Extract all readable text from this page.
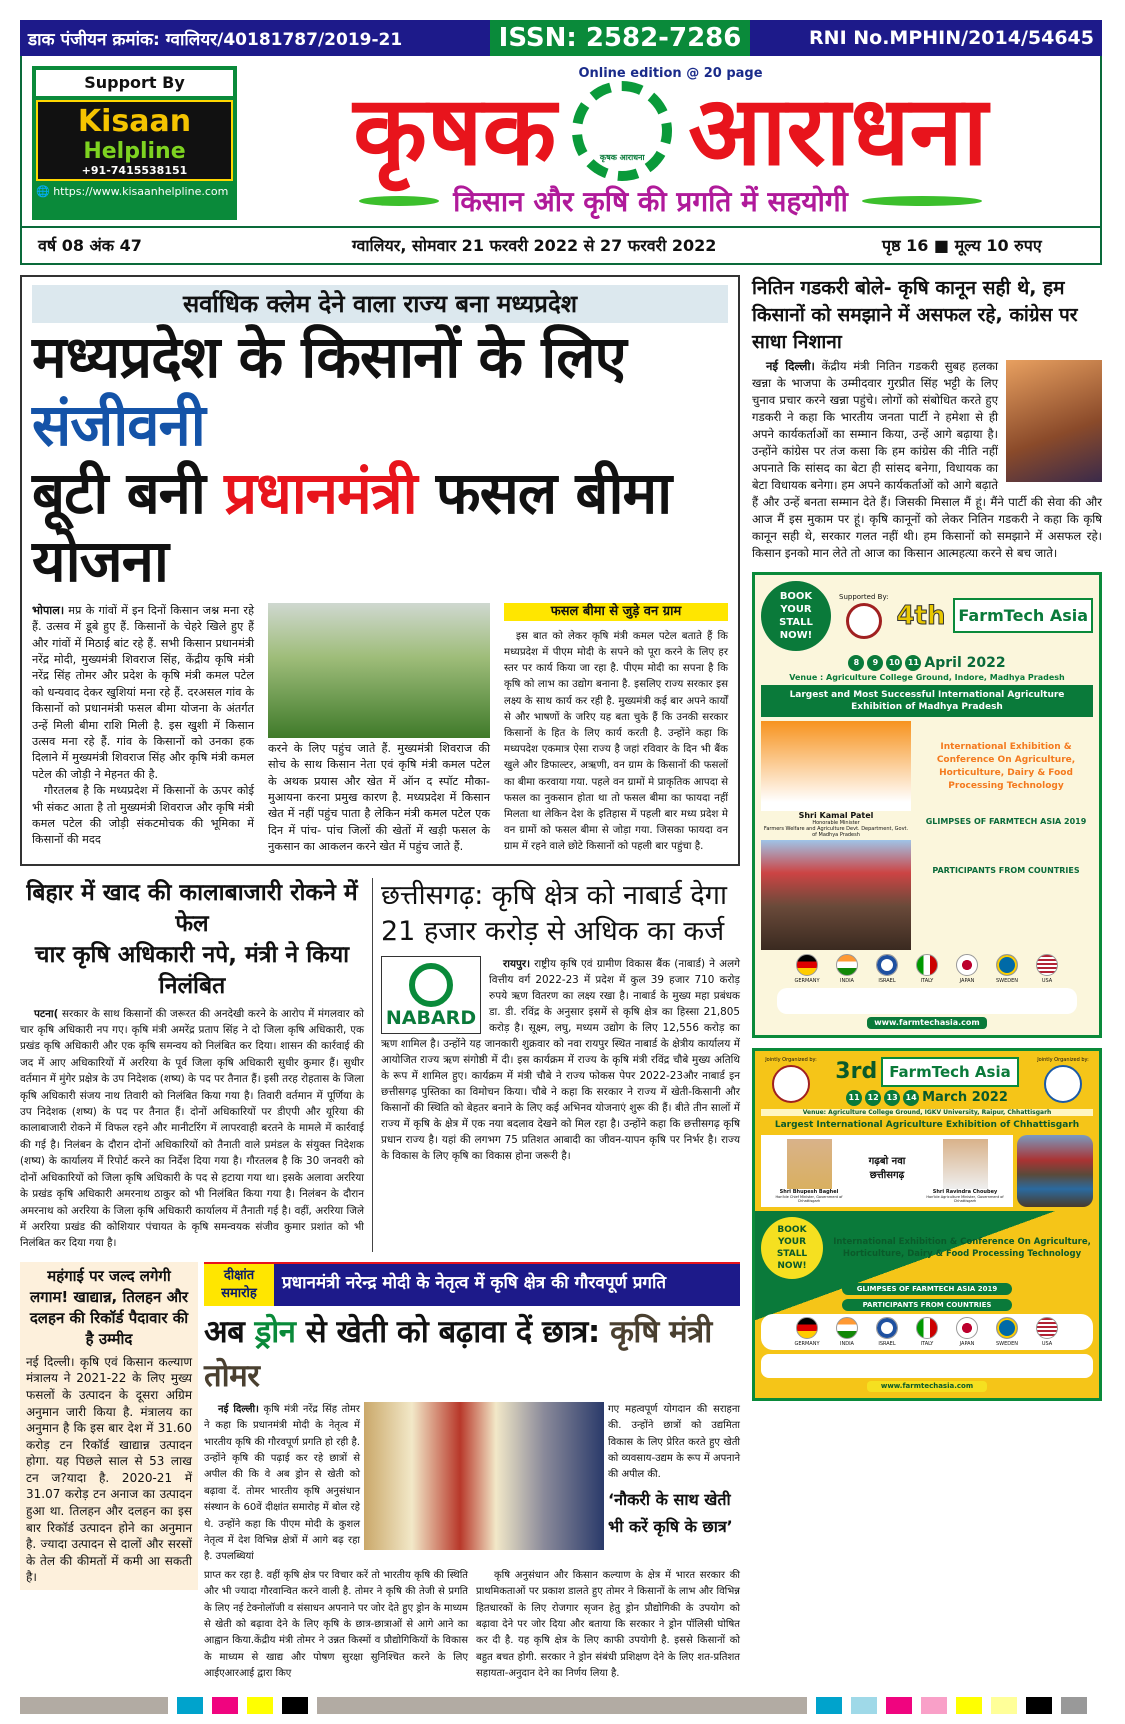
डाक पंजीयन क्रमांक: ग्वालियर/40181787/2019-21	ISSN: 2582-7286	RNI No.MPHIN/2014/54645
Support By
Kisaan
Helpline
+91-7415538151
🌐 https://www.kisaanhelpline.com
Online edition @ 20 page
कृषक	कृषक आराधना आराधना
किसान और कृषि की प्रगति में सहयोगी
वर्ष 08 अंक 47	ग्वालियर, सोमवार 21 फरवरी 2022 से 27 फरवरी 2022	पृष्ठ 16 ■ मूल्य 10 रुपए
सर्वाधिक क्लेम देने वाला राज्य बना मध्यप्रदेश
मध्यप्रदेश के किसानों के लिए संजीवनी
बूटी बनी प्रधानमंत्री फसल बीमा योजना
भोपाल। मप्र के गांवों में इन दिनों किसान जश्न मना रहे हैं. उत्सव में डूबे हुए हैं. किसानों के चेहरे खिले हुए हैं और गांवों में मिठाई बांट रहे हैं. सभी किसान प्रधानमंत्री नरेंद्र मोदी, मुख्यमंत्री शिवराज सिंह, केंद्रीय कृषि मंत्री नरेंद्र सिंह तोमर और प्रदेश के कृषि मंत्री कमल पटेल को धन्यवाद देकर खुशियां मना रहे हैं. दरअसल गांव के किसानों को प्रधानमंत्री फसल बीमा योजना के अंतर्गत उन्हें मिली बीमा राशि मिली है. इस खुशी में किसान उत्सव मना रहे हैं. गांव के किसानों को उनका हक दिलाने में मुख्यमंत्री शिवराज सिंह और कृषि मंत्री कमल पटेल की जोड़ी ने मेहनत की है.
गौरतलब है कि मध्यप्रदेश में किसानों के ऊपर कोई भी संकट आता है तो मुख्यमंत्री शिवराज और कृषि मंत्री कमल पटेल की जोड़ी संकटमोचक की भूमिका में किसानों की मदद
करने के लिए पहुंच जाते हैं. मुख्यमंत्री शिवराज की सोच के साथ किसान नेता एवं कृषि मंत्री कमल पटेल के अथक प्रयास और खेत में ऑन द स्पॉट मौका- मुआयना करना प्रमुख कारण है. मध्यप्रदेश में किसान खेत में नहीं पहुंच पाता है लेकिन मंत्री कमल पटेल एक दिन में पांच- पांच जिलों की खेतों में खड़ी फसल के नुकसान का आकलन करने खेत में पहुंच जाते हैं.
फसल बीमा से जुड़े वन ग्राम
इस बात को लेकर कृषि मंत्री कमल पटेल बताते हैं कि मध्यप्रदेश में पीएम मोदी के सपने को पूरा करने के लिए हर स्तर पर कार्य किया जा रहा है. पीएम मोदी का सपना है कि कृषि को लाभ का उद्योग बनाना है. इसलिए राज्य सरकार इस लक्ष्य के साथ कार्य कर रही है. मुख्यमंत्री कई बार अपने कार्यों से और भाषणों के जरिए यह बता चुके हैं कि उनकी सरकार किसानों के हित के लिए कार्य करती है. उन्होंने कहा कि मध्यपदेश एकमात्र ऐसा राज्य है जहां रविवार के दिन भी बैंक खुले और डिफाल्टर, अऋणी, वन ग्राम के किसानों की फसलों का बीमा करवाया गया. पहले वन ग्रामों मे प्राकृतिक आपदा से फसल का नुकसान होता था तो फसल बीमा का फायदा नहीं मिलता था लेकिन देश के इतिहास में पहली बार मध्य प्रदेश मे वन ग्रामों को फसल बीमा से जोड़ा गया. जिसका फायदा वन ग्राम में रहने वाले छोटे किसानों को पहली बार पहुंचा है.
बिहार में खाद की कालाबाजारी रोकने में फेल
चार कृषि अधिकारी नपे, मंत्री ने किया निलंबित
पटना( सरकार के साथ किसानों की जरूरत की अनदेखी करने के आरोप में मंगलवार को चार कृषि अधिकारी नप गए। कृषि मंत्री अमरेंद्र प्रताप सिंह ने दो जिला कृषि अधिकारी, एक प्रखंड कृषि अधिकारी और एक कृषि समन्वय को निलंबित कर दिया। शासन की कार्रवाई की जद में आए अधिकारियों में अररिया के पूर्व जिला कृषि अधिकारी सुधीर कुमार हैं। सुधीर वर्तमान में मुंगेर प्रक्षेत्र के उप निदेशक (शष्य) के पद पर तैनात हैं। इसी तरह रोहतास के जिला कृषि अधिकारी संजय नाथ तिवारी को निलंबित किया गया है। तिवारी वर्तमान में पूर्णिया के उप निदेशक (शष्य) के पद पर तैनात हैं। दोनों अधिकारियों पर डीएपी और यूरिया की कालाबाजारी रोकने में विफल रहने और मानीटरिंग में लापरवाही बरतने के मामले में कार्रवाई की गई है। निलंबन के दौरान दोनों अधिकारियों को तैनाती वाले प्रमंडल के संयुक्त निदेशक (शष्य) के कार्यालय में रिपोर्ट करने का निर्देश दिया गया है। गौरतलब है कि 30 जनवरी को दोनों अधिकारियों को जिला कृषि अधिकारी के पद से हटाया गया था। इसके अलावा अररिया के प्रखंड कृषि अधिकारी अमरनाथ ठाकुर को भी निलंबित किया गया है। निलंबन के दौरान अमरनाथ को अररिया के जिला कृषि अधिकारी कार्यालय में तैनाती गई है। वहीं, अररिया जिले में अररिया प्रखंड की कोशियार पंचायत के कृषि समन्वयक संजीव कुमार प्रशांत को भी निलंबित कर दिया गया है।
छत्तीसगढ़: कृषि क्षेत्र को नाबार्ड देगा
21 हजार करोड़ से अधिक का कर्ज
NABARD
रायपुर। राष्ट्रीय कृषि एवं ग्रामीण विकास बैंक (नाबार्ड) ने अलगे वित्तीय वर्ग 2022-23 में प्रदेश में कुल 39 हजार 710 करोड़ रुपये ऋण वितरण का लक्ष्य रखा है। नाबार्ड के मुख्य महा प्रबंधक डा. डी. रविंद्र के अनुसार इसमें से कृषि क्षेत्र का हिस्सा 21,805 करोड़ है। सूक्ष्म, लघु, मध्यम उद्योग के लिए 12,556 करोड़ का ऋण शामिल है। उन्होंने यह जानकारी शुक्रवार को नवा रायपुर स्थित नाबार्ड के क्षेत्रीय कार्यालय में आयोजित राज्य ऋण संगोष्ठी में दी। इस कार्यक्रम में राज्य के कृषि मंत्री रविंद्र चौबे मुख्य अतिथि के रूप में शामिल हुए। कार्यक्रम में मंत्री चौबे ने राज्य फोकस पेपर 2022-23और नाबार्ड इन छत्तीसगढ़ पुस्तिका का विमोचन किया। चौबे ने कहा कि सरकार ने राज्य में खेती-किसानी और किसानों की स्थिति को बेहतर बनाने के लिए कई अभिनव योजनाएं शुरू की हैं। बीते तीन सालों में राज्य में कृषि के क्षेत्र में एक नया बदलाव देखने को मिल रहा है। उन्होंने कहा कि छत्तीसगढ़ कृषि प्रधान राज्य है। यहां की लगभग 75 प्रतिशत आबादी का जीवन-यापन कृषि पर निर्भर है। राज्य के विकास के लिए कृषि का विकास होना जरूरी है।
महंगाई पर जल्द लगेगी लगाम! खाद्यान्न, तिलहन और दलहन की रिकॉर्ड पैदावार की है उम्मीद
नई दिल्ली। कृषि एवं किसान कल्याण मंत्रालय ने 2021-22 के लिए मुख्य फसलों के उत्पादन के दूसरा अग्रिम अनुमान जारी किया है. मंत्रालय का अनुमान है कि इस बार देश में 31.60 करोड़ टन रिकॉर्ड खाद्यान्न उत्पादन होगा. यह पिछले साल से 53 लाख टन ज?यादा है. 2020-21 में 31.07 करोड़ टन अनाज का उत्पादन हुआ था. तिलहन और दलहन का इस बार रिकॉर्ड उत्पादन होने का अनुमान है. ज्यादा उत्पादन से दालों और सरसों के तेल की कीमतों में कमी आ सकती है।
दीक्षांत समारोह
प्रधानमंत्री नरेन्द्र मोदी के नेतृत्व में कृषि क्षेत्र की गौरवपूर्ण प्रगति
अब ड्रोन से खेती को बढ़ावा दें छात्र: कृषि मंत्री तोमर
नई दिल्ली। कृषि मंत्री नरेंद्र सिंह तोमर ने कहा कि प्रधानमंत्री मोदी के नेतृत्व में भारतीय कृषि की गौरवपूर्ण प्रगति हो रही है. उन्होंने कृषि की पढ़ाई कर रहे छात्रों से अपील की कि वे अब ड्रोन से खेती को बढ़ावा दें. तोमर भारतीय कृषि अनुसंधान संस्थान के 60वें दीक्षांत समारोह में बोल रहे थे. उन्होंने कहा कि पीएम मोदी के कुशल नेतृत्व में देश विभिन्न क्षेत्रों में आगे बढ़ रहा है. उपलब्धियां
गए महत्वपूर्ण योगदान की सराहना की. उन्होंने छात्रों को उद्यमिता विकास के लिए प्रेरित करते हुए खेती को व्यवसाय-उद्यम के रूप में अपनाने की अपील की.
‘नौकरी के साथ खेती भी करें कृषि के छात्र’
प्राप्त कर रहा है. वहीं कृषि क्षेत्र पर विचार करें तो भारतीय कृषि की स्थिति और भी ज्यादा गौरवान्वित करने वाली है. तोमर ने कृषि की तेजी से प्रगति के लिए नई टेक्नोलॉजी व संसाधन अपनाने पर जोर देते हुए ड्रोन के माध्यम से खेती को बढ़ावा देने के लिए कृषि के छात्र-छात्राओं से आगे आने का आह्वान किया.केंद्रीय मंत्री तोमर ने उन्नत किस्मों व प्रौद्योगिकियों के विकास के माध्यम से खाद्य और पोषण सुरक्षा सुनिश्चित करने के लिए आईएआरआई द्वारा किए
कृषि अनुसंधान और किसान कल्याण के क्षेत्र में भारत सरकार की प्राथमिकताओं पर प्रकाश डालते हुए तोमर ने किसानों के लाभ और विभिन्न हितधारकों के लिए रोजगार सृजन हेतु ड्रोन प्रौद्योगिकी के उपयोग को बढ़ावा देने पर जोर दिया और बताया कि सरकार ने ड्रोन पॉलिसी घोषित कर दी है. यह कृषि क्षेत्र के लिए काफी उपयोगी है. इससे किसानों को बहुत बचत होगी. सरकार ने ड्रोन संबंधी प्रशिक्षण देने के लिए शत-प्रतिशत सहायता-अनुदान देने का निर्णय लिया है.
नितिन गडकरी बोले- कृषि कानून सही थे, हम किसानों को समझाने में असफल रहे, कांग्रेस पर साधा निशाना
नई दिल्ली। केंद्रीय मंत्री नितिन गडकरी सुबह हलका खन्ना के भाजपा के उम्मीदवार गुरप्रीत सिंह भट्टी के लिए चुनाव प्रचार करने खन्ना पहुंचे। लोगों को संबोधित करते हुए गडकरी ने कहा कि भारतीय जनता पार्टी ने हमेशा से ही अपने कार्यकर्ताओं का सम्मान किया, उन्हें आगे बढ़ाया है। उन्होंने कांग्रेस पर तंज कसा कि हम कांग्रेस की नीति नहीं अपनाते कि सांसद का बेटा ही सांसद बनेगा, विधायक का बेटा विधायक बनेगा। हम अपने कार्यकर्ताओं को आगे बढ़ाते हैं और उन्हें बनता सम्मान देते हैं। जिसकी मिसाल मैं हूं। मैंने पार्टी की सेवा की और आज मैं इस मुकाम पर हूं। कृषि कानूनों को लेकर नितिन गडकरी ने कहा कि कृषि कानून सही थे, सरकार गलत नहीं थी। हम किसानों को समझाने में असफल रहे। किसान इनको मान लेते तो आज का किसान आत्महत्या करने से बच जाते।
BOOK YOUR STALL NOW!
Supported By:
4th FarmTech Asia
8	9	10 11 April 2022
Venue : Agriculture College Ground, Indore, Madhya Pradesh
Largest and Most Successful International Agriculture Exhibition of Madhya Pradesh
Shri Kamal Patel
Honorable Minister
Farmers Welfare and Agriculture Devt. Department, Govt. of Madhya Pradesh
International Exhibition & Conference On Agriculture, Horticulture, Dairy & Food Processing Technology
GLIMPSES OF FARMTECH ASIA 2019
PARTICIPANTS FROM COUNTRIES
GERMANY	INDIA	ISRAEL	ITALY	JAPAN	SWEDEN	USA
www.farmtechasia.com
Jointly Organized by: 3rd FarmTech Asia
11 12 13 14 March 2022
Jointly Organized by:
Venue: Agriculture College Ground, IGKV University, Raipur, Chhattisgarh
Largest International Agriculture Exhibition of Chhattisgarh
Shri Bhupesh Baghel
Hon'ble Chief Minister, Government of Chhattisgarh
गढ़बो नवा छत्तीसगढ़
Shri Ravindra Choubey
Hon'ble Agriculture Minister, Government of Chhattisgarh
BOOK YOUR STALL NOW!
International Exhibition & Conference On Agriculture, Horticulture, Dairy & Food Processing Technology
GLIMPSES OF FARMTECH ASIA 2019
PARTICIPANTS FROM COUNTRIES
GERMANY	INDIA	ISRAEL	ITALY	JAPAN	SWEDEN	USA
www.farmtechasia.com
